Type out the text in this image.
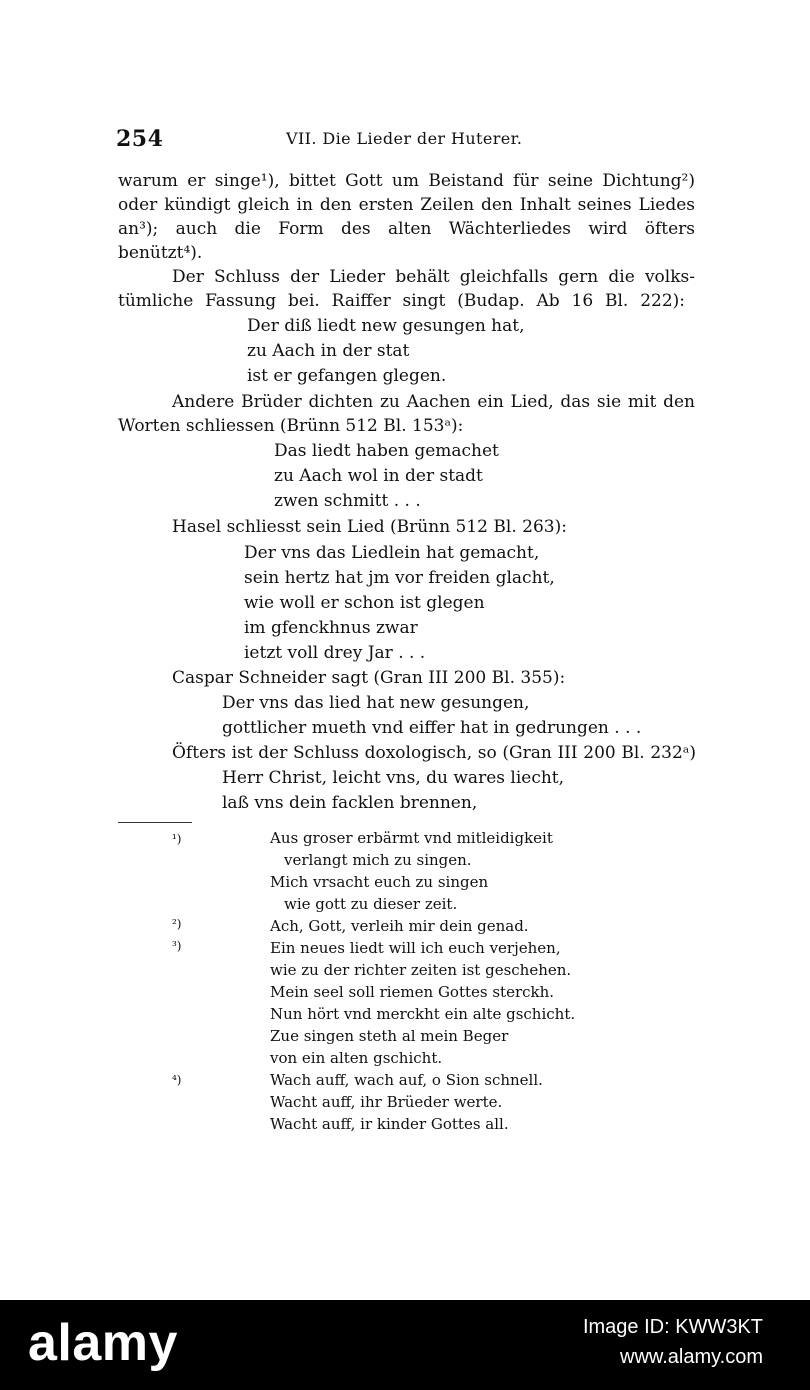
254	VII. Die Lieder der Huterer.
warum er singe¹), bittet Gott um Beistand für seine Dichtung²)
oder kündigt gleich in den ersten Zeilen den Inhalt seines Liedes
an³); auch die Form des alten Wächterliedes wird öfters
benützt⁴).
Der Schluss der Lieder behält gleichfalls gern die volks-
tümliche Fassung bei. Raiffer singt (Budap. Ab 16 Bl. 222):
Der diß liedt new gesungen hat,
zu Aach in der stat
ist er gefangen glegen.
Andere Brüder dichten zu Aachen ein Lied, das sie mit den
Worten schliessen (Brünn 512 Bl. 153ᵃ):
Das liedt haben gemachet
zu Aach wol in der stadt
zwen schmitt . . .
Hasel schliesst sein Lied (Brünn 512 Bl. 263):
Der vns das Liedlein hat gemacht,
sein hertz hat jm vor freiden glacht,
wie woll er schon ist glegen
im gfenckhnus zwar
ietzt voll drey Jar . . .
Caspar Schneider sagt (Gran III 200 Bl. 355):
Der vns das lied hat new gesungen,
gottlicher mueth vnd eiffer hat in gedrungen . . .
Öfters ist der Schluss doxologisch, so (Gran III 200 Bl. 232ᵃ)
Herr Christ, leicht vns, du wares liecht,
laß vns dein facklen brennen,
¹)
²)
³)
⁴)
Aus groser erbärmt vnd mitleidigkeit
verlangt mich zu singen.
Mich vrsacht euch zu singen
wie gott zu dieser zeit.
Ach, Gott, verleih mir dein genad.
Ein neues liedt will ich euch verjehen,
wie zu der richter zeiten ist geschehen.
Mein seel soll riemen Gottes sterckh.
Nun hört vnd merckht ein alte gschicht.
Zue singen steth al mein Beger
von ein alten gschicht.
Wach auff, wach auf, o Sion schnell.
Wacht auff, ihr Brüeder werte.
Wacht auff, ir kinder Gottes all.
alamy	Image ID: KWW3KT
www.alamy.com
